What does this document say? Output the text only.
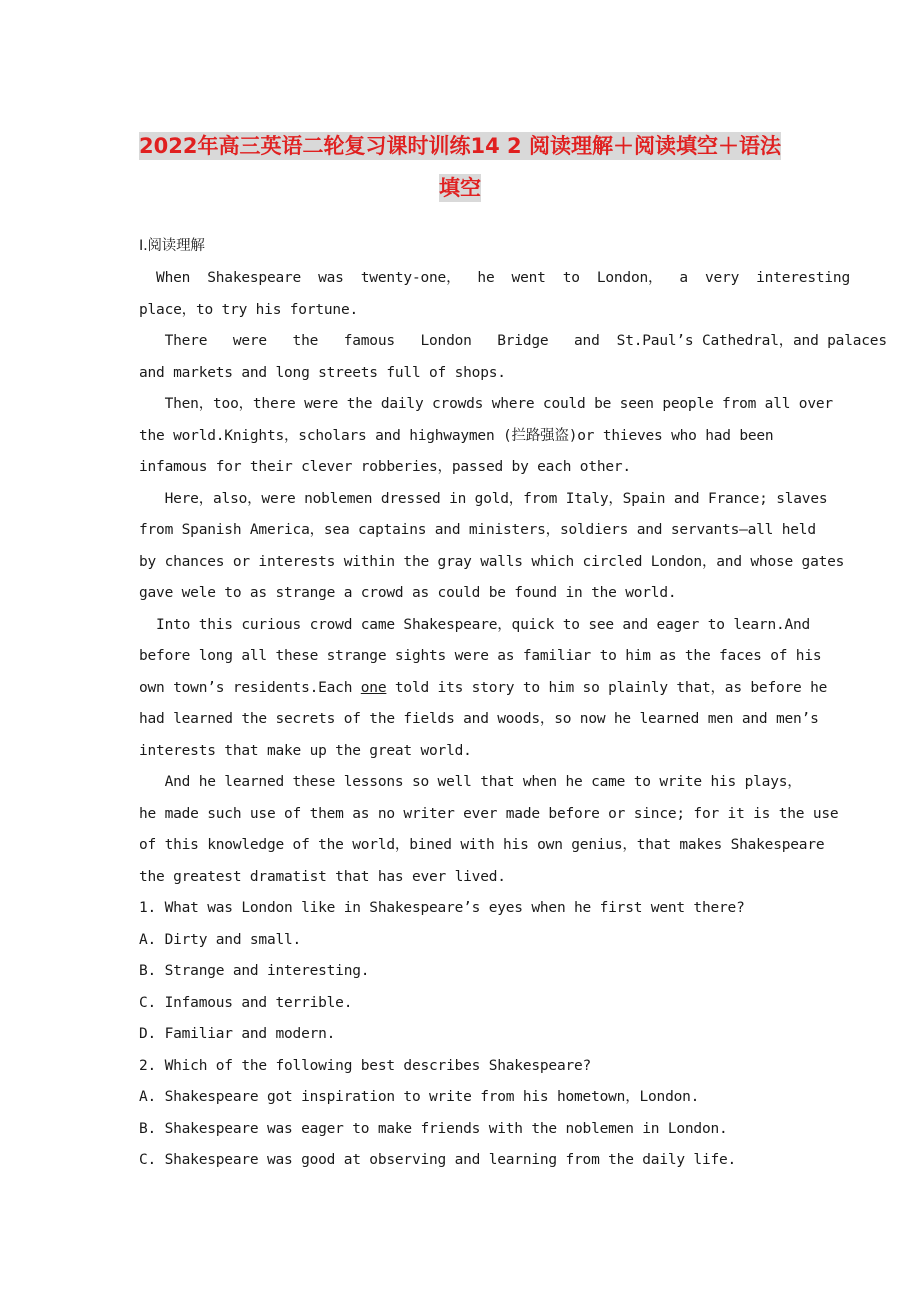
2022年高三英语二轮复习课时训练14 2 阅读理解＋阅读填空＋语法
填空
Ⅰ.阅读理解
When  Shakespeare  was  twenty-one，  he  went  to  London，  a  very  interesting
place，to try his fortune.
There   were   the   famous   London   Bridge   and  St.Paul’s Cathedral，and palaces
and markets and long streets full of shops.
Then，too，there were the daily crowds where could be seen people from all over
the world.Knights，scholars and highwaymen (拦路强盗)or thieves who had been
infamous for their clever robberies，passed by each other.
Here，also，were noblemen dressed in gold，from Italy，Spain and France; slaves
from Spanish America，sea captains and ministers，soldiers and servants—all held
by chances or interests within the gray walls which circled London，and whose gates
gave wele to as strange a crowd as could be found in the world.
Into this curious crowd came Shakespeare，quick to see and eager to learn.And
before long all these strange sights were as familiar to him as the faces of his
own town’s residents.Each one told its story to him so plainly that，as before he
had learned the secrets of the fields and woods，so now he learned men and men’s
interests that make up the great world.
And he learned these lessons so well that when he came to write his plays，
he made such use of them as no writer ever made before or since; for it is the use
of this knowledge of the world，bined with his own genius，that makes Shakespeare
the greatest dramatist that has ever lived.
1. What was London like in Shakespeare’s eyes when he first went there?
A. Dirty and small.
B. Strange and interesting.
C. Infamous and terrible.
D. Familiar and modern.
2. Which of the following best describes Shakespeare?
A. Shakespeare got inspiration to write from his hometown，London.
B. Shakespeare was eager to make friends with the noblemen in London.
C. Shakespeare was good at observing and learning from the daily life.
